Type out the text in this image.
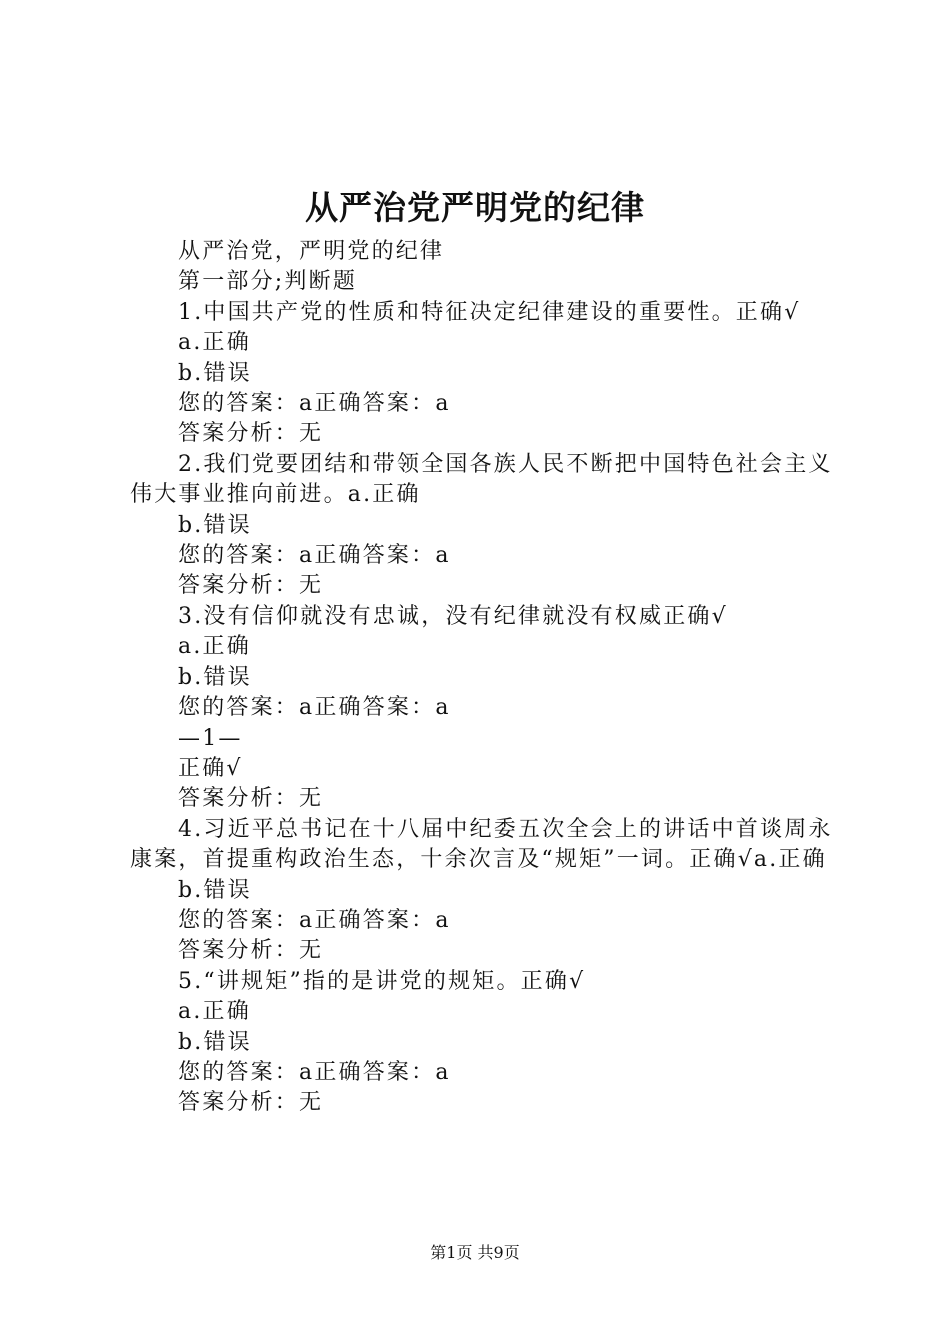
从严治党严明党的纪律

从严治党，严明党的纪律

第一部分;判断题

1.中国共产党的性质和特征决定纪律建设的重要性。正确√

a.正确

b.错误

您的答案：a正确答案：a

答案分析：无

2.我们党要团结和带领全国各族人民不断把中国特色社会主义伟大事业推向前进。a.正确

b.错误

您的答案：a正确答案：a

答案分析：无

3.没有信仰就没有忠诚，没有纪律就没有权威正确√

a.正确

b.错误

您的答案：a正确答案：a

—1—

正确√

答案分析：无

4.习近平总书记在十八届中纪委五次全会上的讲话中首谈周永康案，首提重构政治生态，十余次言及“规矩”一词。正确√a.正确

b.错误

您的答案：a正确答案：a

答案分析：无

5.“讲规矩”指的是讲党的规矩。正确√

a.正确

b.错误

您的答案：a正确答案：a

答案分析：无

第1页 共9页
